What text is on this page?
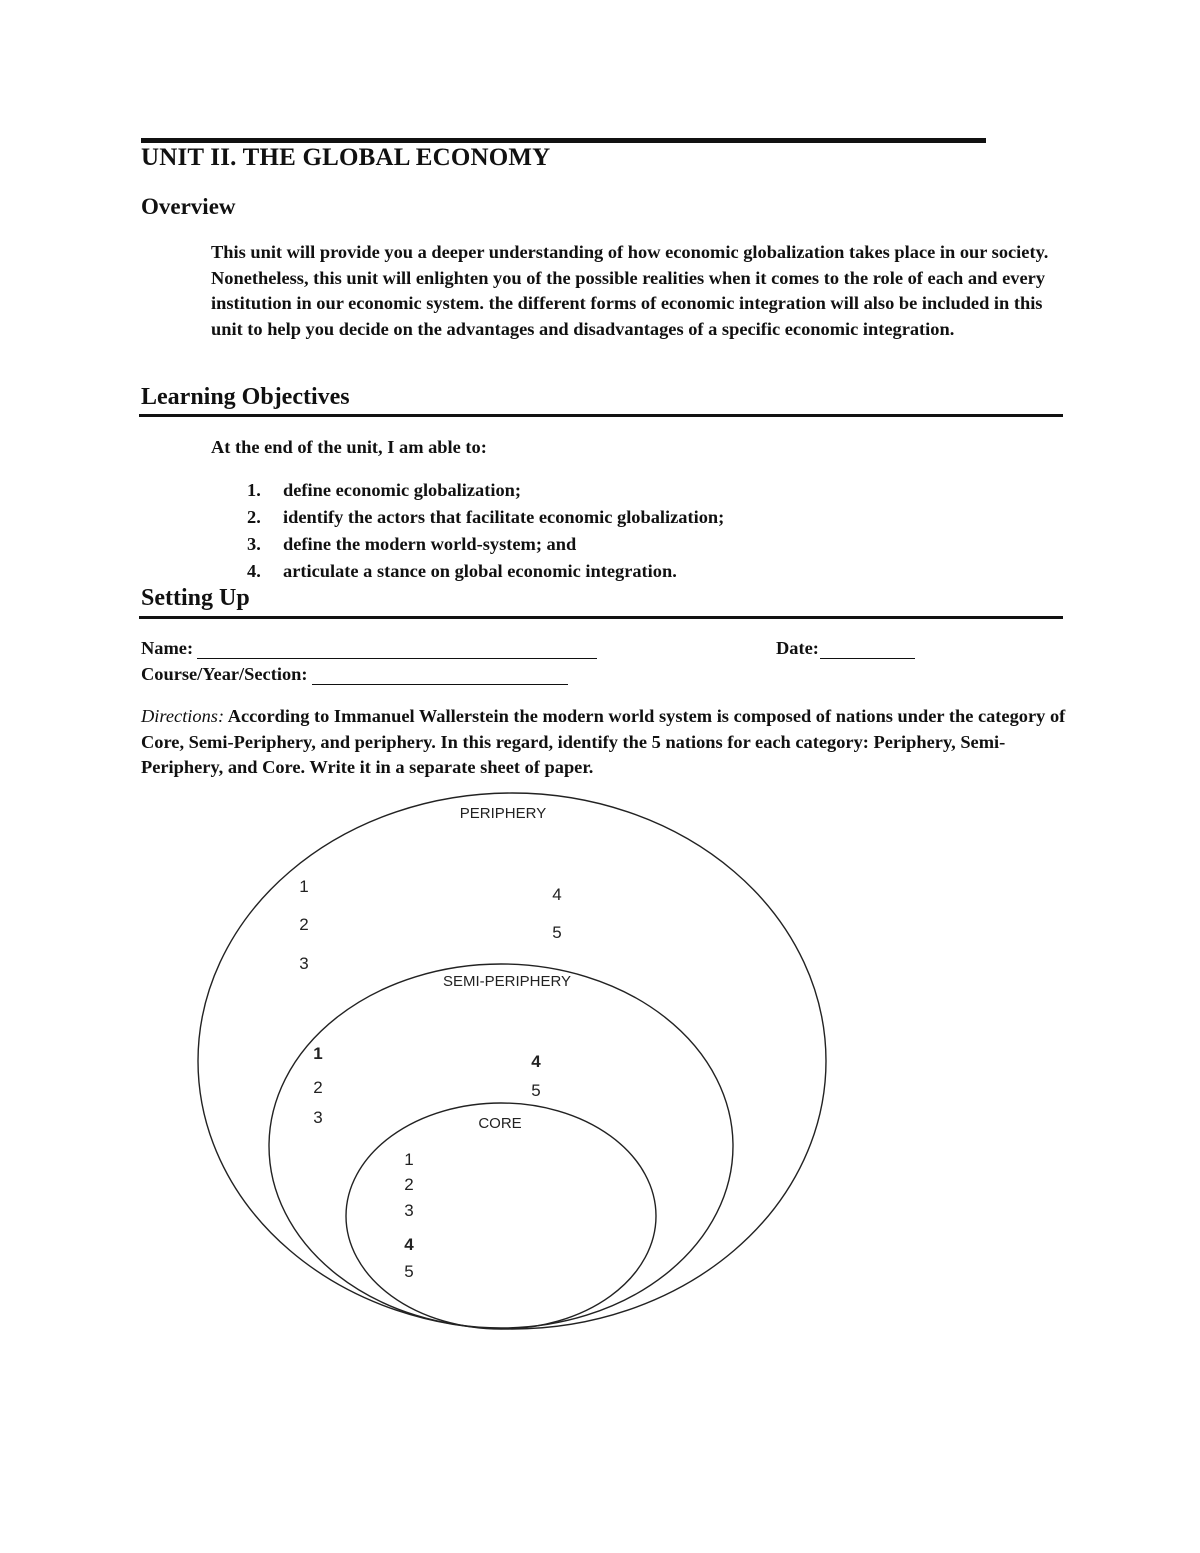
UNIT II. THE GLOBAL ECONOMY
Overview

This unit will provide you a deeper understanding of how economic globalization takes place in our society. Nonetheless, this unit will enlighten you of the possible realities when it comes to the role of each and every institution in our economic system. the different forms of economic integration will also be included in this unit to help you decide on the advantages and disadvantages of a specific economic integration.

Learning Objectives
At the end of the unit, I am able to:
1.	define economic globalization;
2.	identify the actors that facilitate economic globalization;
3.	define the modern world-system; and
4.	articulate a stance on global economic integration.
Setting Up
Name:	Date:
Course/Year/Section:
Directions: According to Immanuel Wallerstein the modern world system is composed of nations under the category of Core, Semi-Periphery, and periphery. In this regard, identify the 5 nations for each category: Periphery, Semi-Periphery, and Core. Write it in a separate sheet of paper.
PERIPHERY
1
2
3
4
5
SEMI-PERIPHERY
1
2
3
4
5
CORE
1
2
3
4
5
